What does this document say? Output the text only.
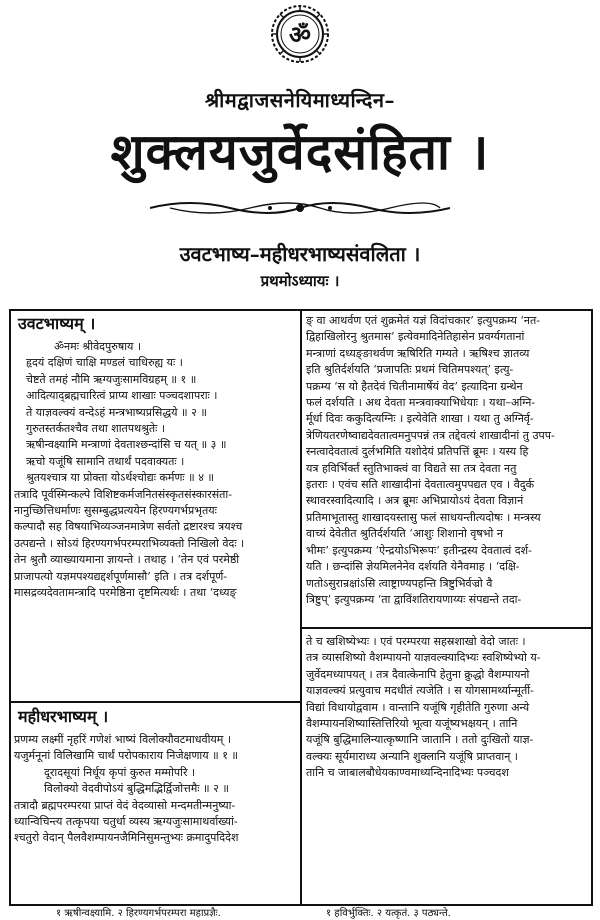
ॐ
श्रीमद्वाजसनेयिमाध्यन्दिन–
शुक्लयजुर्वेदसंहिता ।
उवटभाष्य–महीधरभाष्यसंवलिता ।
प्रथमोऽध्यायः ।
उवटभाष्यम् ।
ॐनमः श्रीवेदपुरुषाय ।
हृदयं दक्षिणं चाक्षि मण्डलं चाधिरुह्य यः ।
चेष्टते तमहं नौमि ऋग्यजुःसामविग्रहम् ॥ १ ॥
आदित्याद्ब्रह्मचारित्वं प्राप्य शाखाः पञ्चदशापराः ।
ते याज्ञवल्क्यं वन्देऽहं मन्त्रभाष्यप्रसिद्धये ॥ २ ॥
गुरुतस्तर्कतश्चैव तथा शातपथश्रुतेः ।
ऋषीन्वक्ष्यामि मन्त्राणां देवताश्छन्दांसि च यत् ॥ ३ ॥
ऋचो यजूंषि सामानि तथार्थं पदवाक्यतः ।
श्रुतयश्चात्र या प्रोक्ता योऽर्थश्चोद्यः कर्मणः ॥ ४ ॥
तत्रादि पूर्वस्मिन्कल्पे विशिष्टकर्मजनितसंस्कृतसंस्कारसंता-
नानुच्छित्तिधर्माणः सुसम्बुद्धप्रत्ययेन हिरण्यगर्भप्रभृतयः
कल्पादौ सह विषयाभिव्यञ्जनमात्रेण सर्वतो द्रष्टारश्च त्रयश्च
उत्पद्यन्ते । सोऽयं हिरण्यगर्भपरम्पराभिव्यक्तो निखिलो वेदः ।
तेन श्रुतौ व्याख्यायमाना ज्ञायन्ते । तथाह । ‘तेन एवं परमेष्ठी
प्राजापत्यो यज्ञमपश्यद्यद्दर्शपूर्णमासौ’ इति । तत्र दर्शपूर्ण-
मासद्रव्यदेवतामन्त्रादि परमेष्ठिना दृष्टमित्यर्थः । तथा ‘दध्यङ्
महीधरभाष्यम् ।
प्रणम्य लक्ष्मीं नृहरिं गणेशं भाष्यं विलोक्यौवटमाधवीयम् ।
यजुर्मनूनां विलिखामि चार्थं परोपकाराय निजेक्षणाय ॥ १ ॥
दूरादसूयां निर्धूय कृपां कुरुत मम्मोपरि ।
विलोक्यो वेदवीपोऽयं बुद्धिमद्भिर्द्विजोत्तमैः ॥ २ ॥
तत्रादौ ब्रह्मपरम्परया प्राप्तं वेदं वेदव्यासो मन्दमतीन्मनुष्या-
ध्यान्विचिन्त्य तत्कृपया चतुर्धा व्यस्य ऋग्यजुःसामाथर्वाख्यां-
श्चतुरो वेदान् पैलवैशम्पायनजैमिनिसुमन्तुभ्यः क्रमादुपदिदेश
ङ् वा आथर्वण एतं शुक्रमेतं यज्ञं विदांचकार’ इत्युपक्रम्य ‘नत-
द्विहाखिलोरनु श्रुतमास’ इत्येवमादिनेतिहासेन प्रवर्ग्यगतानां
मन्त्राणां दध्यङ्ङाथर्वण ऋषिरिति गम्यते । ऋषिश्च ज्ञातव्य
इति श्रुतिर्दर्शयति ‘प्रजापतिः प्रथमं चितिमपश्यत्’ इत्यु-
पक्रम्य ‘स यो हैतदेवं चितीनामार्षेयं वेद’ इत्यादिना ग्रन्थेन
फलं दर्शयति । अथ देवता मन्त्रवाक्याभिधेयाः । यथा–अग्नि-
र्मूर्धा दिवः ककुदित्यग्निः । इत्येवेति शाखा । यथा तु अग्निर्वृ-
त्रेणियतरणेष्वाद्यदेवतात्वमनुपपन्नं तत्र तद्देवत्यं शाखादीनां तु उपप-
स्नत्वादेवतात्वं दुर्लभमिति यशोदेयं प्रतिपत्तिं ब्रूमः । यस्य हि
यत्र हविर्भिर्क्तं स्तुतिभाक्त्वं वा विद्यते सा तत्र देवता नतु
इतराः । एवंच सति शाखादीनां देवतात्वमुपपद्यत एव । वैदुर्क
स्थावरस्वादित्यादि । अत्र ब्रूमः अभिप्रायोऽयं देवता विज्ञानं
प्रतिमाभूतास्तु शाखादयस्तासु फलं साधयन्तीत्यदोषः । मन्त्रस्य
वाच्यं देवेतीत श्रुतिर्दर्शयति ‘आशुः शिशानो वृषभो न
भीमः’ इत्युपक्रम्य ‘ऐन्द्रयोऽभिरूपः’ इतीन्द्रस्य देवतात्वं दर्श-
यति । छन्दांसि ज्ञेयमिलनेनेव दर्शयति येनैवमाह । ‘दक्षि-
णतोऽसुरान्रक्षांऽसि त्वाष्ट्राण्यपहन्ति त्रिष्टुभिर्वज्रो वै
त्रिष्टुप्’ इत्युपक्रम्य ‘ता द्वाविंशतिरायणाय्यः संपद्यन्ते तदा-
ते च खशिष्येभ्यः । एवं परम्परया सहस्रशाखो वेदो जातः ।
तत्र व्यासशिष्यो वैशम्पायनो याज्ञवल्क्यादिभ्यः स्वशिष्येभ्यो य-
जुर्वेदमध्यापयत् । तत्र दैवात्केनापि हेतुना क्रुद्धो वैशम्पायनो
याज्ञवल्क्यं प्रत्युवाच मदधीतं त्यजेति । स योगसामर्थ्यान्मूर्ती-
विद्यां विधायोद्ववाम । वान्तानि यजूंषि गृहीतेति गुरुणा अन्ये
वैशम्पायनशिष्यास्तित्तिरियो भूत्वा यजूंष्यभक्षयन् । तानि
यजूंषि बुद्धिमालिन्यात्कृष्णानि जातानि । ततो दुःखितो याज्ञ-
वल्क्यः सूर्यमाराध्य अन्यानि शुक्लानि यजूंषि प्राप्तवान् ।
तानि च जाबालबौधेयकाण्वमाध्यन्दिनादिभ्यः पञ्चदश
१ ऋषीन्वक्ष्यामि. २ हिरण्यगर्भपरम्परा महाप्रज्ञैः.	१ हविर्भुक्तिः. २ यत्कृतं. ३ पठ्यन्ते.
